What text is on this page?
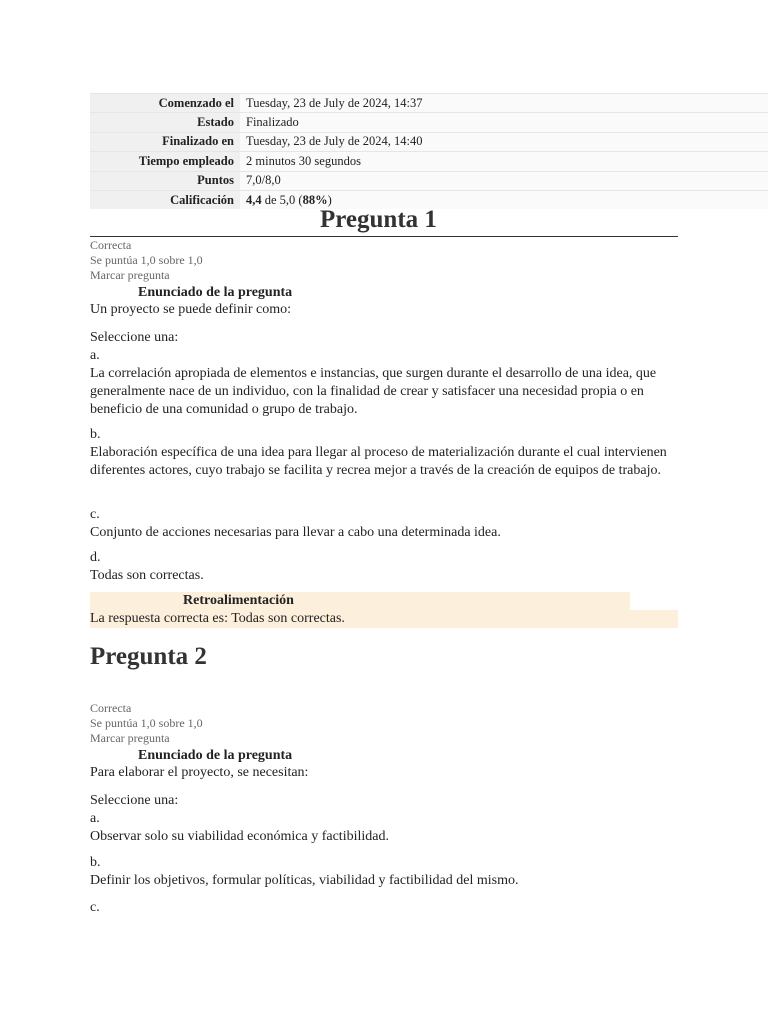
Comenzado el	Tuesday, 23 de July de 2024, 14:37
Estado	Finalizado
Finalizado en	Tuesday, 23 de July de 2024, 14:40
Tiempo empleado	2 minutos 30 segundos
Puntos	7,0/8,0
Calificación	4,4 de 5,0 (88%)
Pregunta 1
Correcta
Se puntúa 1,0 sobre 1,0
Marcar pregunta
Enunciado de la pregunta
Un proyecto se puede definir como:
Seleccione una:
a.
La correlación apropiada de elementos e instancias, que surgen durante el desarrollo de una idea, que generalmente nace de un individuo, con la finalidad de crear y satisfacer una necesidad propia o en beneficio de una comunidad o grupo de trabajo.
b.
Elaboración específica de una idea para llegar al proceso de materialización durante el cual intervienen diferentes actores, cuyo trabajo se facilita y recrea mejor a través de la creación de equipos de trabajo.
c.
Conjunto de acciones necesarias para llevar a cabo una determinada idea.
d.
Todas son correctas.
Retroalimentación
La respuesta correcta es: Todas son correctas.
Pregunta 2
Correcta
Se puntúa 1,0 sobre 1,0
Marcar pregunta
Enunciado de la pregunta
Para elaborar el proyecto, se necesitan:
Seleccione una:
a.
Observar solo su viabilidad económica y factibilidad.
b.
Definir los objetivos, formular políticas, viabilidad y factibilidad del mismo.
c.
